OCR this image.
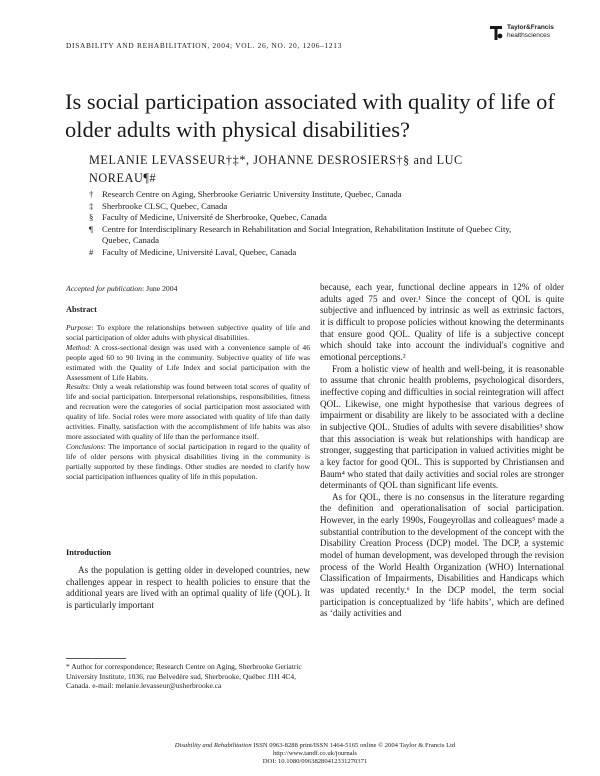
DISABILITY AND REHABILITATION, 2004; VOL. 26, NO. 20, 1206–1213
Taylor&Francis
healthsciences
Is social participation associated with quality of life of older adults with physical disabilities?
MELANIE LEVASSEUR†‡*, JOHANNE DESROSIERS†§ and LUC NOREAU¶#
† Research Centre on Aging, Sherbrooke Geriatric University Institute, Quebec, Canada
‡ Sherbrooke CLSC, Quebec, Canada
§ Faculty of Medicine, Université de Sherbrooke, Quebec, Canada
¶	Centre for Interdisciplinary Research in Rehabilitation and Social Integration, Rehabilitation Institute of Quebec City, Quebec, Canada
# Faculty of Medicine, Université Laval, Quebec, Canada
Accepted for publication: June 2004
Abstract

Purpose: To explore the relationships between subjective quality of life and social participation of older adults with physical disabilities.

Method: A cross-sectional design was used with a convenience sample of 46 people aged 60 to 90 living in the community. Subjective quality of life was estimated with the Quality of Life Index and social participation with the Assessment of Life Habits.

Results: Only a weak relationship was found between total scores of quality of life and social participation. Interpersonal relationships, responsibilities, fitness and recreation were the categories of social participation most associated with quality of life. Social roles were more associated with quality of life than daily activities. Finally, satisfaction with the accomplishment of life habits was also more associated with quality of life than the performance itself.

Conclusions: The importance of social participation in regard to the quality of life of older persons with physical disabilities living in the community is partially supported by these findings. Other studies are needed to clarify how social participation influences quality of life in this population.

Introduction

As the population is getting older in developed countries, new challenges appear in respect to health policies to ensure that the additional years are lived with an optimal quality of life (QOL). It is particularly important

* Author for correspondence; Research Centre on Aging, Sherbrooke Geriatric University Institute, 1036, rue Belvedère sud, Sherbrooke, Québec J1H 4C4, Canada. e-mail: melanie.levasseur@usherbrooke.ca

because, each year, functional decline appears in 12% of older adults aged 75 and over.¹ Since the concept of QOL is quite subjective and influenced by intrinsic as well as extrinsic factors, it is difficult to propose policies without knowing the determinants that ensure good QOL. Quality of life is a subjective concept which should take into account the individual's cognitive and emotional perceptions.²

From a holistic view of health and well-being, it is reasonable to assume that chronic health problems, psychological disorders, ineffective coping and difficulties in social reintegration will affect QOL. Likewise, one might hypothesise that various degrees of impairment or disability are likely to be associated with a decline in subjective QOL. Studies of adults with severe disabilities³ show that this association is weak but relationships with handicap are stronger, suggesting that participation in valued activities might be a key factor for good QOL. This is supported by Christiansen and Baum⁴ who stated that daily activities and social roles are stronger determinants of QOL than significant life events.

As for QOL, there is no consensus in the literature regarding the definition and operationalisation of social participation. However, in the early 1990s, Fougeyrollas and colleagues⁵ made a substantial contribution to the development of the concept with the Disability Creation Process (DCP) model. The DCP, a systemic model of human development, was developed through the revision process of the World Health Organization (WHO) International Classification of Impairments, Disabilities and Handicaps which was updated recently.⁶ In the DCP model, the term social participation is conceptualized by ‘life habits’, which are defined as ‘daily activities and

Disability and Rehabilitation ISSN 0963-8288 print/ISSN 1464-5165 online © 2004 Taylor & Francis Ltd
http://www.tandf.co.uk/journals
DOI: 10.1080/09638280412331270371
